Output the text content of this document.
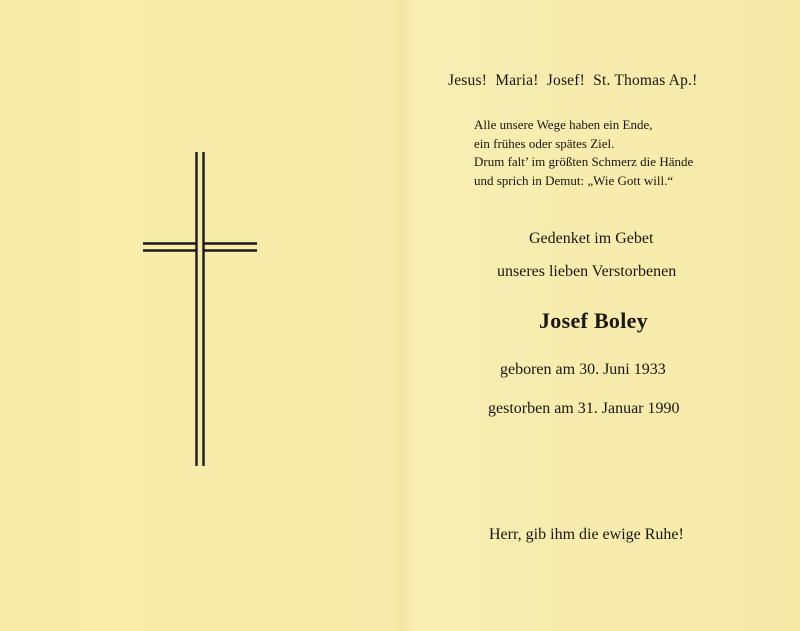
Jesus!  Maria!  Josef!  St. Thomas Ap.!
Alle unsere Wege haben ein Ende,
ein frühes oder spätes Ziel.
Drum falt’ im größten Schmerz die Hände
und sprich in Demut: „Wie Gott will.“
Gedenket im Gebet
unseres lieben Verstorbenen
Josef Boley
geboren am 30. Juni 1933
gestorben am 31. Januar 1990
Herr, gib ihm die ewige Ruhe!
